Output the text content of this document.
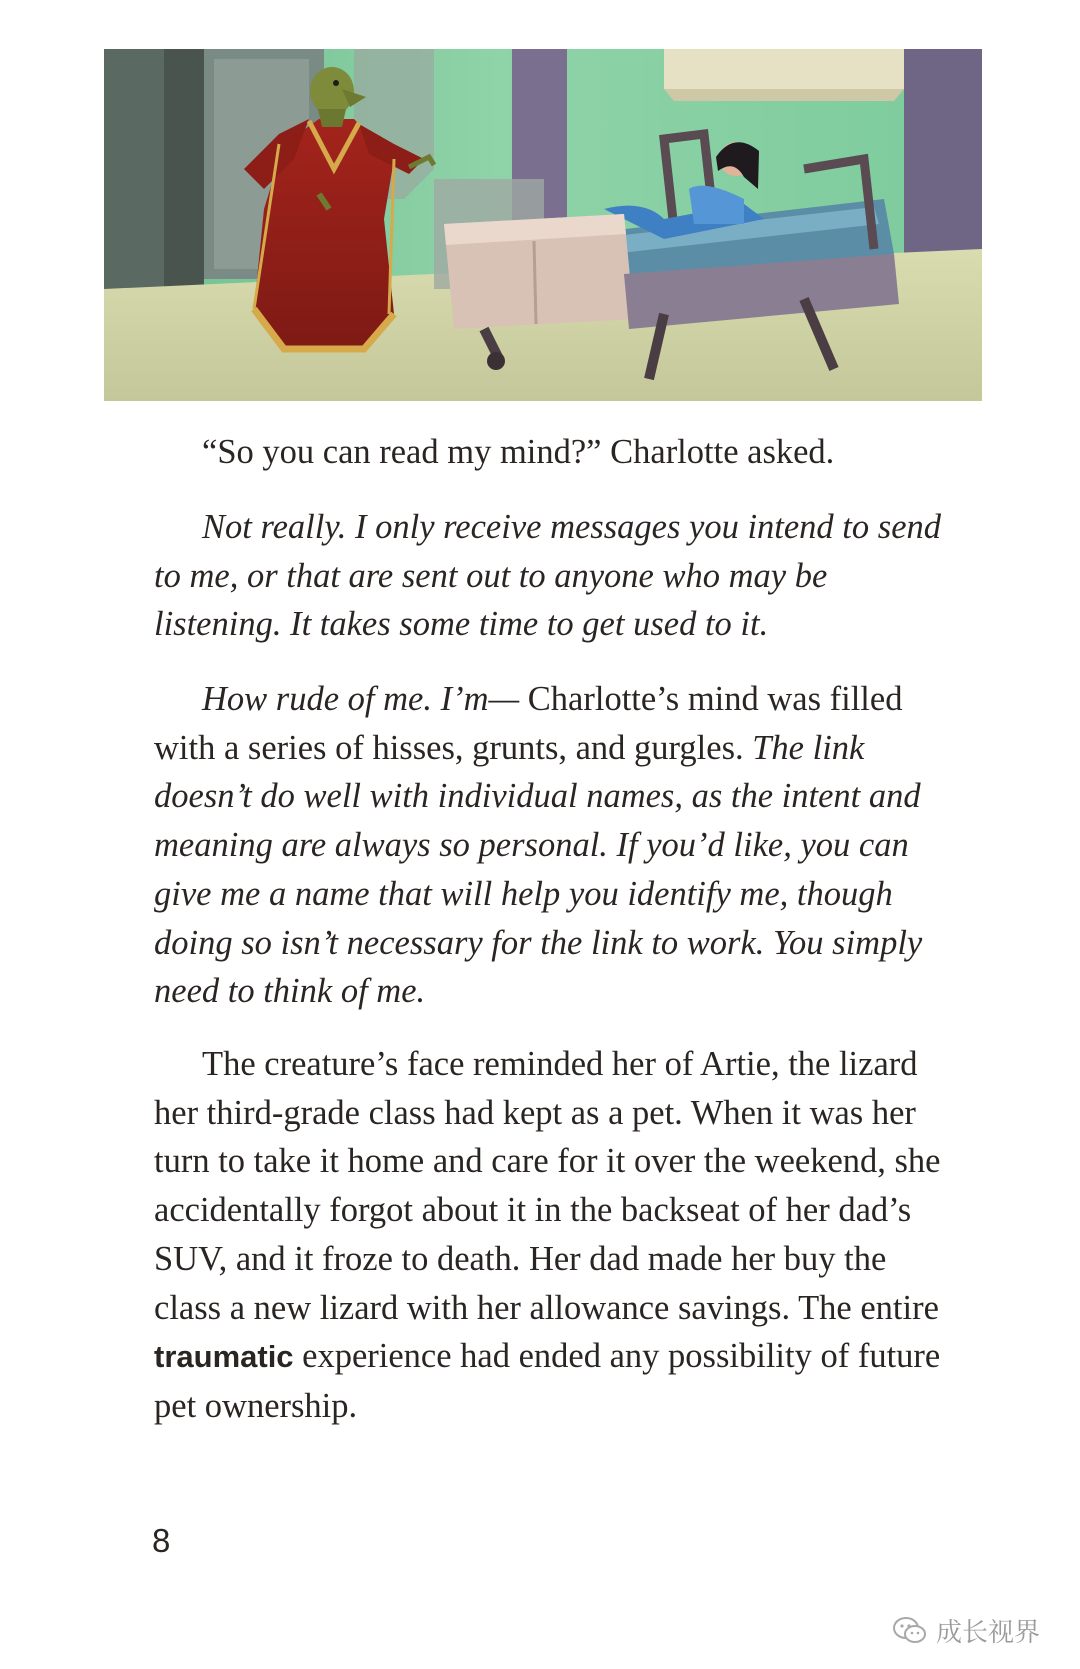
“So you can read my mind?” Charlotte asked.

Not really. I only receive messages you intend to send to me, or that are sent out to anyone who may be listening. It takes some time to get used to it.

How rude of me. I’m— Charlotte’s mind was filled with a series of hisses, grunts, and gurgles. The link doesn’t do well with individual names, as the intent and meaning are always so personal. If you’d like, you can give me a name that will help you identify me, though doing so isn’t necessary for the link to work. You simply need to think of me.

The creature’s face reminded her of Artie, the lizard her third-grade class had kept as a pet. When it was her turn to take it home and care for it over the weekend, she accidentally forgot about it in the backseat of her dad’s SUV, and it froze to death. Her dad made her buy the class a new lizard with her allowance savings. The entire traumatic experience had ended any possibility of future pet ownership.

8
成长视界
